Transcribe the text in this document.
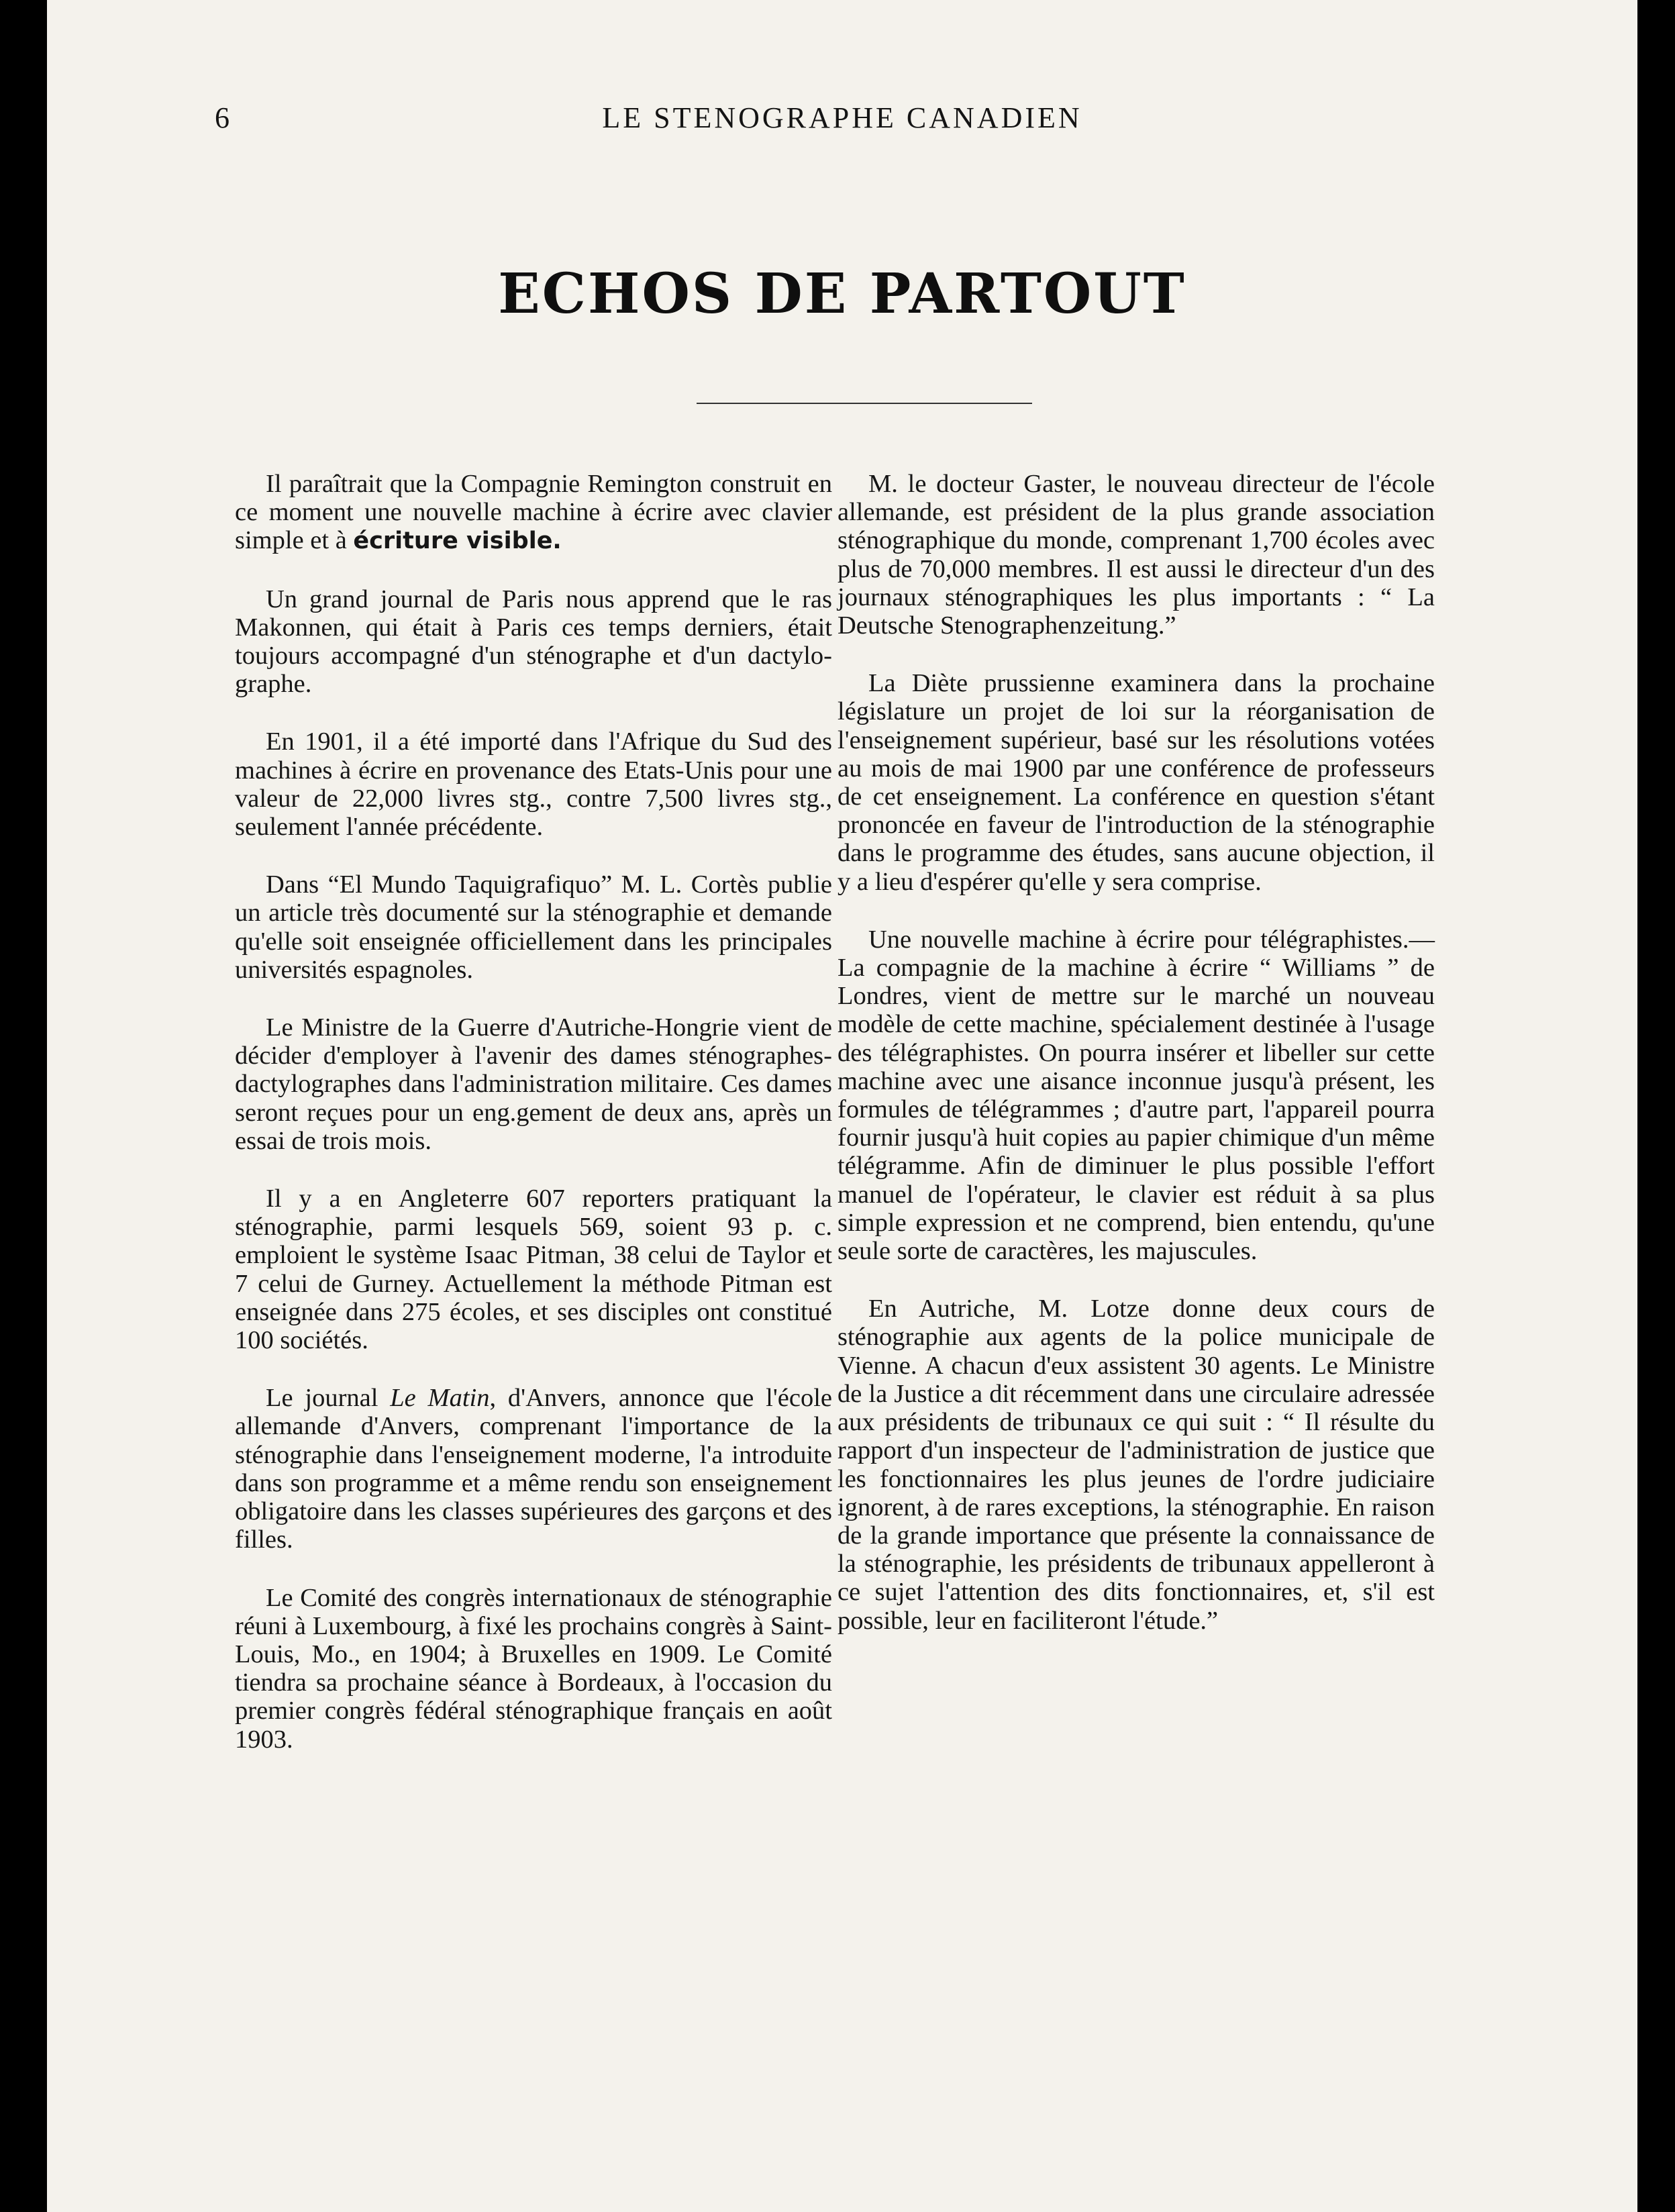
6	LE STENOGRAPHE CANADIEN
ECHOS DE PARTOUT

Il paraîtrait que la Compagnie Remington construit en ce moment une nouvelle machine à écrire avec clavier simple et à écriture visible.

Un grand journal de Paris nous apprend que le ras Makonnen, qui était à Paris ces temps derniers, était toujours accompagné d'un sténographe et d'un dactylographe.

En 1901, il a été importé dans l'Afrique du Sud des machines à écrire en provenance des Etats-Unis pour une valeur de 22,000 livres stg., contre 7,500 livres stg., seulement l'année précédente.

Dans “El Mundo Taquigrafiquo” M. L. Cortès publie un article très documenté sur la sténographie et demande qu'elle soit enseignée officiellement dans les principales universités espagnoles.

Le Ministre de la Guerre d'Autriche-Hongrie vient de décider d'employer à l'avenir des dames sténographes-dactylographes dans l'administration militaire. Ces dames seront reçues pour un eng.gement de deux ans, après un essai de trois mois.

Il y a en Angleterre 607 reporters pratiquant la sténographie, parmi lesquels 569, soient 93 p. c. emploient le système Isaac Pitman, 38 celui de Taylor et 7 celui de Gurney. Actuellement la méthode Pitman est enseignée dans 275 écoles, et ses disciples ont constitué 100 sociétés.

Le journal Le Matin, d'Anvers, annonce que l'école allemande d'Anvers, comprenant l'importance de la sténographie dans l'enseignement moderne, l'a introduite dans son programme et a même rendu son enseignement obligatoire dans les classes supérieures des garçons et des filles.

Le Comité des congrès internationaux de sténographie réuni à Luxembourg, à fixé les prochains congrès à Saint-Louis, Mo., en 1904; à Bruxelles en 1909. Le Comité tiendra sa prochaine séance à Bordeaux, à l'occasion du premier congrès fédéral sténographique français en août 1903.

M. le docteur Gaster, le nouveau directeur de l'école allemande, est président de la plus grande association sténographique du monde, comprenant 1,700 écoles avec plus de 70,000 membres. Il est aussi le directeur d'un des journaux sténographiques les plus importants : “ La Deutsche Stenographenzeitung.”

La Diète prussienne examinera dans la prochaine législature un projet de loi sur la réorganisation de l'enseignement supérieur, basé sur les résolutions votées au mois de mai 1900 par une conférence de professeurs de cet enseignement. La conférence en question s'étant prononcée en faveur de l'introduction de la sténographie dans le programme des études, sans aucune objection, il y a lieu d'espérer qu'elle y sera comprise.

Une nouvelle machine à écrire pour télégraphistes.—La compagnie de la machine à écrire “ Williams ” de Londres, vient de mettre sur le marché un nouveau modèle de cette machine, spécialement destinée à l'usage des télégraphistes. On pourra insérer et libeller sur cette machine avec une aisance inconnue jusqu'à présent, les formules de télégrammes ; d'autre part, l'appareil pourra fournir jusqu'à huit copies au papier chimique d'un même télégramme. Afin de diminuer le plus possible l'effort manuel de l'opérateur, le clavier est réduit à sa plus simple expression et ne comprend, bien entendu, qu'une seule sorte de caractères, les majuscules.

En Autriche, M. Lotze donne deux cours de sténographie aux agents de la police municipale de Vienne. A chacun d'eux assistent 30 agents. Le Ministre de la Justice a dit récemment dans une circulaire adressée aux présidents de tribunaux ce qui suit : “ Il résulte du rapport d'un inspecteur de l'administration de justice que les fonctionnaires les plus jeunes de l'ordre judiciaire ignorent, à de rares exceptions, la sténographie. En raison de la grande importance que présente la connaissance de la sténographie, les présidents de tribunaux appelleront à ce sujet l'attention des dits fonctionnaires, et, s'il est possible, leur en faciliteront l'étude.”
